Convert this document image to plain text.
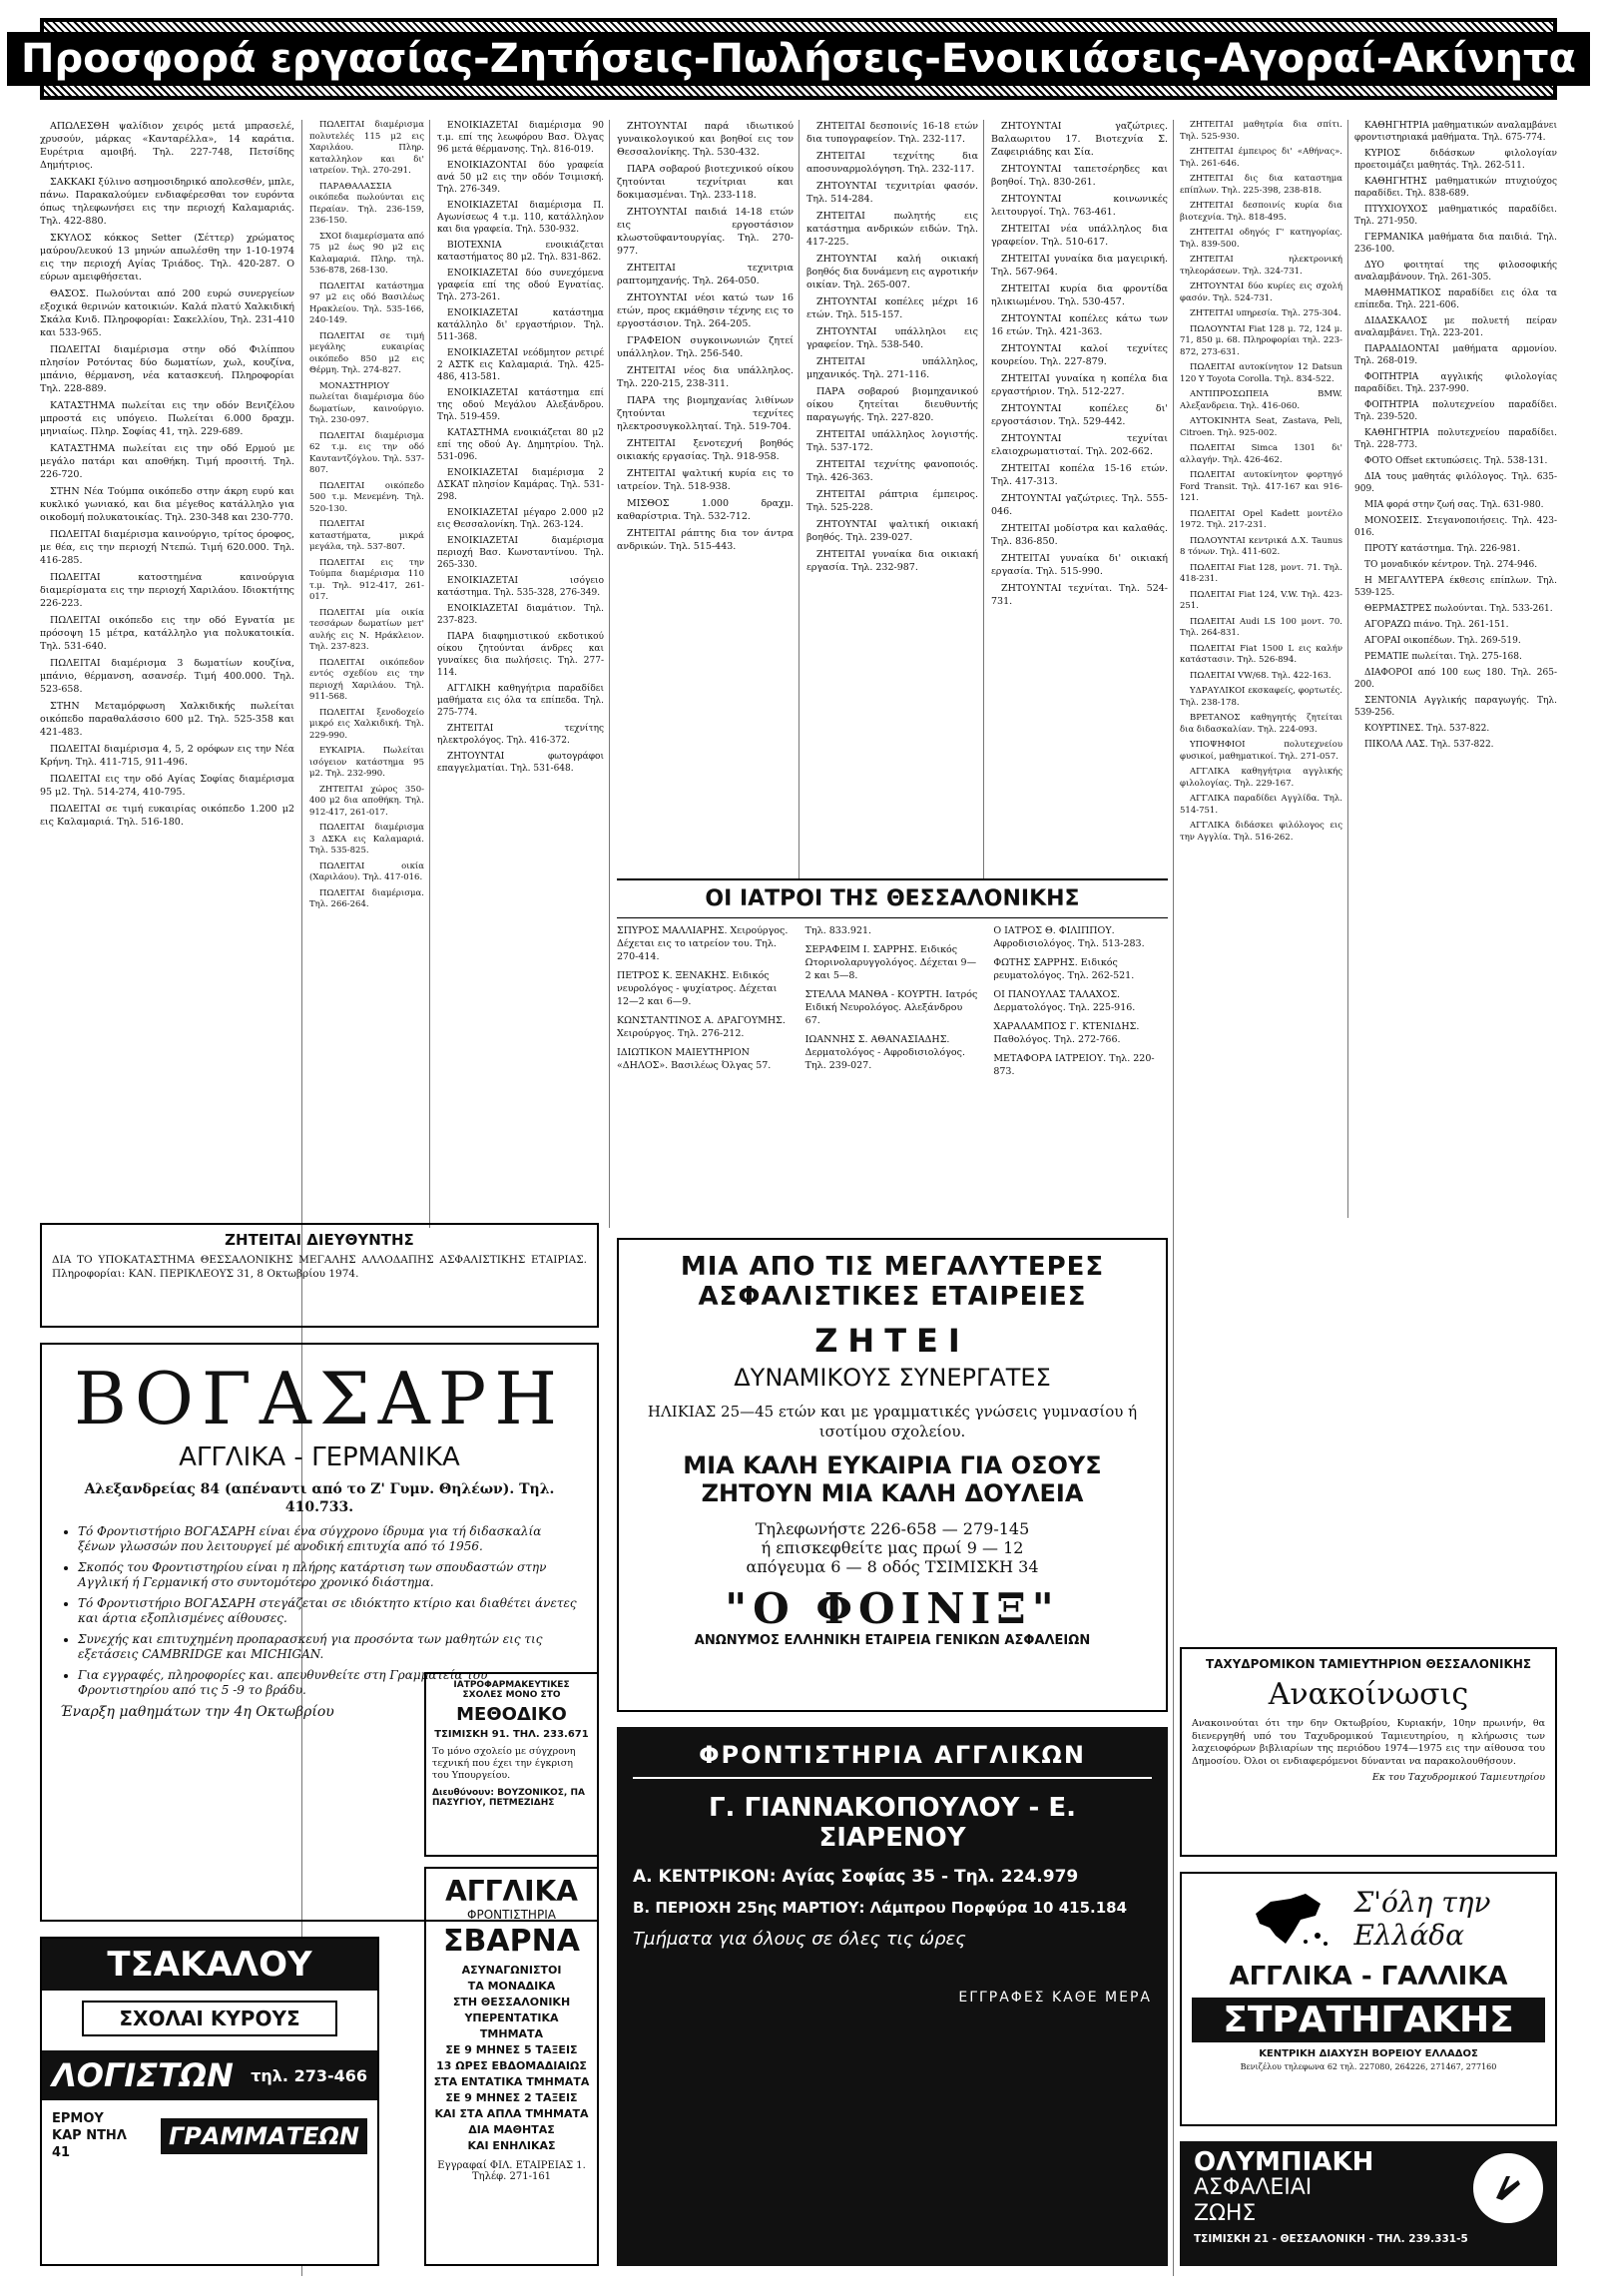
Προσφορά εργασίας-Ζητήσεις-Πωλήσεις-Ενοικιάσεις-Αγοραί-Ακίνητα

ΑΠΩΛΕΣΘΗ ψαλίδιον χειρός μετά μπρασελέ, χρυσούν, μάρκας «Κανταρέλλα», 14 καράτια. Ευρέτρια αμοιβή. Τηλ. 227-748, Πετσίδης Δημήτριος.

ΣΑΚΚΑΚΙ ξύλινο ασημοσιδηρικό απολεσθέν, μπλε, πάνω. Παρακαλούμεν ενδιαφέρεσθαι τον ευρόντα όπως τηλεφωνήσει εις την περιοχή Καλαμαριάς. Τηλ. 422-880.

ΣΚΥΛΟΣ κόκκος Setter (Σέττερ) χρώματος μαύρου/λευκού 13 μηνών απωλέσθη την 1-10-1974 εις την περιοχή Αγίας Τριάδος. Τηλ. 420-287. Ο εύρων αμειφθήσεται.

ΘΑΣΟΣ. Πωλούνται από 200 ευρώ συνεργείων εξοχικά θερινών κατοικιών. Καλά πλατύ Χαλκιδική Σκάλα Κνιδ. Πληροφορίαι: Σακελλίου, Τηλ. 231-410 και 533-965.

ΠΩΛΕΙΤΑΙ διαμέρισμα στην οδό Φιλίππου πλησίον Ροτόντας δύο δωματίων, χωλ, κουζίνα, μπάνιο, θέρμανση, νέα κατασκευή. Πληροφορίαι Τηλ. 228-889.

ΚΑΤΑΣΤΗΜΑ πωλείται εις την οδόν Βενιζέλου μπροστά εις υπόγειο. Πωλείται 6.000 δραχμ. μηνιαίως. Πληρ. Σοφίας 41, τηλ. 229-689.

ΚΑΤΑΣΤΗΜΑ πωλείται εις την οδό Ερμού με μεγάλο πατάρι και αποθήκη. Τιμή προσιτή. Τηλ. 226-720.

ΣΤΗΝ Νέα Τούμπα οικόπεδο στην άκρη ευρύ και κυκλικό γωνιακό, και δια μέγεθος κατάλληλο για οικοδομή πολυκατοικίας. Τηλ. 230-348 και 230-770.

ΠΩΛΕΙΤΑΙ διαμέρισμα καινούργιο, τρίτος όροφος, με θέα, εις την περιοχή Ντεπώ. Τιμή 620.000. Τηλ. 416-285.

ΠΩΛΕΙΤΑΙ κατοστημένα καινούργια διαμερίσματα εις την περιοχή Χαριλάου. Ιδιοκτήτης 226-223.

ΠΩΛΕΙΤΑΙ οικόπεδο εις την οδό Εγνατία με πρόσοψη 15 μέτρα, κατάλληλο για πολυκατοικία. Τηλ. 531-640.

ΠΩΛΕΙΤΑΙ διαμέρισμα 3 δωματίων κουζίνα, μπάνιο, θέρμανση, ασανσέρ. Τιμή 400.000. Τηλ. 523-658.

ΣΤΗΝ Μεταμόρφωση Χαλκιδικής πωλείται οικόπεδο παραθαλάσσιο 600 μ2. Τηλ. 525-358 και 421-483.

ΠΩΛΕΙΤΑΙ διαμέρισμα 4, 5, 2 ορόφων εις την Νέα Κρήνη. Τηλ. 411-715, 911-496.

ΠΩΛΕΙΤΑΙ εις την οδό Αγίας Σοφίας διαμέρισμα 95 μ2. Τηλ. 514-274, 410-795.

ΠΩΛΕΙΤΑΙ σε τιμή ευκαιρίας οικόπεδο 1.200 μ2 εις Καλαμαριά. Τηλ. 516-180.

ΠΩΛΕΙΤΑΙ διαμέρισμα πολυτελές 115 μ2 εις Χαριλάου. Πληρ. καταλληλον και δι' ιατρείον. Τηλ. 270-291.

ΠΑΡΑΘΑΛΑΣΣΙΑ οικόπεδα πωλούνται εις Περαίαν. Τηλ. 236-159, 236-150.

ΣΧΟΙ διαμερίσματα από 75 μ2 έως 90 μ2 εις Καλαμαριά. Πληρ. τηλ. 536-878, 268-130.

ΠΩΛΕΙΤΑΙ κατάστημα 97 μ2 εις οδό Βασιλέως Ηρακλείου. Τηλ. 535-166, 240-149.

ΠΩΛΕΙΤΑΙ σε τιμή μεγάλης ευκαιρίας οικόπεδο 850 μ2 εις Θέρμη. Τηλ. 274-827.

ΜΟΝΑΣΤΗΡΙΟΥ πωλείται διαμέρισμα δύο δωματίων, καινούργιο. Τηλ. 230-097.

ΠΩΛΕΙΤΑΙ διαμέρισμα 62 τ.μ. εις την οδό Καυταντζόγλου. Τηλ. 537-807.

ΠΩΛΕΙΤΑΙ οικόπεδο 500 τ.μ. Μενεμένη. Τηλ. 520-130.

ΠΩΛΕΙΤΑΙ καταστήματα, μικρά μεγάλα, τηλ. 537-807.

ΠΩΛΕΙΤΑΙ εις την Τούμπα διαμέρισμα 110 τ.μ. Τηλ. 912-417, 261-017.

ΠΩΛΕΙΤΑΙ μία οικία τεσσάρων δωματίων μετ' αυλής εις Ν. Ηράκλειον. Τηλ. 237-823.

ΠΩΛΕΙΤΑΙ οικόπεδον εντός σχεδίου εις την περιοχή Χαριλάου. Τηλ. 911-568.

ΠΩΛΕΙΤΑΙ ξενοδοχείο μικρό εις Χαλκιδική. Τηλ. 229-990.

ΕΥΚΑΙΡΙΑ. Πωλείται ισόγειον κατάστημα 95 μ2. Τηλ. 232-990.

ΖΗΤΕΙΤΑΙ χώρος 350-400 μ2 δια αποθήκη. Τηλ. 912-417, 261-017.

ΠΩΛΕΙΤΑΙ διαμέρισμα 3 ΔΣΚΑ εις Καλαμαριά. Τηλ. 535-825.

ΠΩΛΕΙΤΑΙ οικία (Χαριλάου). Τηλ. 417-016.

ΠΩΛΕΙΤΑΙ διαμέρισμα. Τηλ. 266-264.

ΕΝΟΙΚΙΑΖΕΤΑΙ διαμέρισμα 90 τ.μ. επί της λεωφόρου Βασ. Όλγας 96 μετά θέρμανσης. Τηλ. 816-019.

ΕΝΟΙΚΙΑΖΟΝΤΑΙ δύο γραφεία ανά 50 μ2 εις την οδόν Τσιμισκή. Τηλ. 276-349.

ΕΝΟΙΚΙΑΖΕΤΑΙ διαμέρισμα Π. Αγωνίσεως 4 τ.μ. 110, κατάλληλον και δια γραφεία. Τηλ. 530-932.

ΒΙΟΤΕΧΝΙΑ ενοικιάζεται καταστήματος 80 μ2. Τηλ. 831-862.

ΕΝΟΙΚΙΑΖΕΤΑΙ δύο συνεχόμενα γραφεία επί της οδού Εγνατίας. Τηλ. 273-261.

ΕΝΟΙΚΙΑΖΕΤΑΙ κατάστημα κατάλληλο δι' εργαστήριον. Τηλ. 511-368.

ΕΝΟΙΚΙΑΖΕΤΑΙ νεόδμητον ρετιρέ 2 ΑΣΤΚ εις Καλαμαριά. Τηλ. 425-486, 413-581.

ΕΝΟΙΚΙΑΖΕΤΑΙ κατάστημα επί της οδού Μεγάλου Αλεξάνδρου. Τηλ. 519-459.

ΚΑΤΑΣΤΗΜΑ ενοικιάζεται 80 μ2 επί της οδού Αγ. Δημητρίου. Τηλ. 531-096.

ΕΝΟΙΚΙΑΖΕΤΑΙ διαμέρισμα 2 ΔΣΚΑΤ πλησίον Καμάρας. Τηλ. 531-298.

ΕΝΟΙΚΙΑΖΕΤΑΙ μέγαρο 2.000 μ2 εις Θεσσαλονίκη. Τηλ. 263-124.

ΕΝΟΙΚΙΑΖΕΤΑΙ διαμέρισμα περιοχή Βασ. Κωνσταντίνου. Τηλ. 265-330.

ΕΝΟΙΚΙΑΖΕΤΑΙ ισόγειο κατάστημα. Τηλ. 535-328, 276-349.

ΕΝΟΙΚΙΑΖΕΤΑΙ διαμάτιον. Τηλ. 237-823.

ΠΑΡΑ διαφημιστικού εκδοτικού οίκου ζητούνται άνδρες και γυναίκες δια πωλήσεις. Τηλ. 277-114.

ΑΓΓΛΙΚΗ καθηγήτρια παραδίδει μαθήματα εις όλα τα επίπεδα. Τηλ. 275-774.

ΖΗΤΕΙΤΑΙ τεχνίτης ηλεκτρολόγος. Τηλ. 416-372.

ΖΗΤΟΥΝΤΑΙ φωτογράφοι επαγγελματίαι. Τηλ. 531-648.

ΖΗΤΟΥΝΤΑΙ παρά ιδιωτικού γυναικολογικού και βοηθοί εις τον Θεσσαλονίκης. Τηλ. 530-432.

ΠΑΡΑ σοβαρού βιοτεχνικού οίκου ζητούνται τεχνίτριαι και δοκιμασμέναι. Τηλ. 233-118.

ΖΗΤΟΥΝΤΑΙ παιδιά 14-18 ετών εις εργοστάσιον κλωστοϋφαντουργίας. Τηλ. 270-977.

ΖΗΤΕΙΤΑΙ τεχνιτρια ραπτομηχανής. Τηλ. 264-050.

ΖΗΤΟΥΝΤΑΙ νέοι κατώ των 16 ετών, προς εκμάθησιν τέχνης εις το εργοστάσιον. Τηλ. 264-205.

ΓΡΑΦΕΙΟΝ συγκοινωνιών ζητεί υπάλληλον. Τηλ. 256-540.

ΖΗΤΕΙΤΑΙ νέος δια υπάλληλος. Τηλ. 220-215, 238-311.

ΠΑΡΑ της βιομηχανίας λιθίνων ζητούνται τεχνίτες ηλεκτροσυγκολληταί. Τηλ. 519-704.

ΖΗΤΕΙΤΑΙ ξενοτεχνή βοηθός οικιακής εργασίας. Τηλ. 918-958.

ΖΗΤΕΙΤΑΙ ψαλτική κυρία εις το ιατρείον. Τηλ. 518-938.

ΜΙΣΘΟΣ 1.000 δραχμ. καθαρίστρια. Τηλ. 532-712.

ΖΗΤΕΙΤΑΙ ράπτης δια τον άντρα ανδρικών. Τηλ. 515-443.

ΖΗΤΕΙΤΑΙ δεσποινίς 16-18 ετών δια τυπογραφείον. Τηλ. 232-117.

ΖΗΤΕΙΤΑΙ τεχνίτης δια αποσυναρμολόγηση. Τηλ. 232-117.

ΖΗΤΟΥΝΤΑΙ τεχνιτρίαι φασόν. Τηλ. 514-284.

ΖΗΤΕΙΤΑΙ πωλητής εις κατάστημα ανδρικών ειδών. Τηλ. 417-225.

ΖΗΤΟΥΝΤΑΙ καλή οικιακή βοηθός δια δυνάμενη εις αγροτικήν οικίαν. Τηλ. 265-007.

ΖΗΤΟΥΝΤΑΙ κοπέλες μέχρι 16 ετών. Τηλ. 515-157.

ΖΗΤΟΥΝΤΑΙ υπάλληλοι εις γραφείον. Τηλ. 538-540.

ΖΗΤΕΙΤΑΙ υπάλληλος, μηχανικός. Τηλ. 271-116.

ΠΑΡΑ σοβαρού βιομηχανικού οίκου ζητείται διευθυντής παραγωγής. Τηλ. 227-820.

ΖΗΤΕΙΤΑΙ υπάλληλος λογιστής. Τηλ. 537-172.

ΖΗΤΕΙΤΑΙ τεχνίτης φανοποιός. Τηλ. 426-363.

ΖΗΤΕΙΤΑΙ ράπτρια έμπειρος. Τηλ. 525-228.

ΖΗΤΟΥΝΤΑΙ ψαλτική οικιακή βοηθός. Τηλ. 239-027.

ΖΗΤΕΙΤΑΙ γυναίκα δια οικιακή εργασία. Τηλ. 232-987.

ΖΗΤΟΥΝΤΑΙ γαζώτριες. Βαλαωριτου 17. Βιοτεχνία Σ. Ζαφειριάδης και Σία.

ΖΗΤΟΥΝΤΑΙ ταπετσέρηδες και βοηθοί. Τηλ. 830-261.

ΖΗΤΟΥΝΤΑΙ κοινωνικές λειτουργοί. Τηλ. 763-461.

ΖΗΤΕΙΤΑΙ νέα υπάλληλος δια γραφείον. Τηλ. 510-617.

ΖΗΤΕΙΤΑΙ γυναίκα δια μαγειρική. Τηλ. 567-964.

ΖΗΤΕΙΤΑΙ κυρία δια φροντίδα ηλικιωμένου. Τηλ. 530-457.

ΖΗΤΟΥΝΤΑΙ κοπέλες κάτω των 16 ετών. Τηλ. 421-363.

ΖΗΤΟΥΝΤΑΙ καλοί τεχνίτες κουρείου. Τηλ. 227-879.

ΖΗΤΕΙΤΑΙ γυναίκα η κοπέλα δια εργαστήριον. Τηλ. 512-227.

ΖΗΤΟΥΝΤΑΙ κοπέλες δι' εργοστάσιον. Τηλ. 529-442.

ΖΗΤΟΥΝΤΑΙ τεχνίται ελαιοχρωματισταί. Τηλ. 202-662.

ΖΗΤΕΙΤΑΙ κοπέλα 15-16 ετών. Τηλ. 417-313.

ΖΗΤΟΥΝΤΑΙ γαζώτριες. Τηλ. 555-046.

ΖΗΤΕΙΤΑΙ μοδίστρα και καλαθάς. Τηλ. 836-850.

ΖΗΤΕΙΤΑΙ γυναίκα δι' οικιακή εργασία. Τηλ. 515-990.

ΖΗΤΟΥΝΤΑΙ τεχνίται. Τηλ. 524-731.

ΖΗΤΕΙΤΑΙ μαθητρία δια σπίτι. Τηλ. 525-930.

ΖΗΤΕΙΤΑΙ έμπειρος δι' «Αθήνας». Τηλ. 261-646.

ΖΗΤΕΙΤΑΙ δις δια καταστημα επίπλων. Τηλ. 225-398, 238-818.

ΖΗΤΕΙΤΑΙ δεσποινίς κυρία δια βιοτεχνία. Τηλ. 818-495.

ΖΗΤΕΙΤΑΙ οδηγός Γ' κατηγορίας. Τηλ. 839-500.

ΖΗΤΕΙΤΑΙ ηλεκτρονική τηλεοράσεων. Τηλ. 324-731.

ΖΗΤΟΥΝΤΑΙ δύο κυρίες εις σχολή φασόν. Τηλ. 524-731.

ΖΗΤΕΙΤΑΙ υπηρεσία. Τηλ. 275-304.

ΠΩΛΟΥΝΤΑΙ Fiat 128 μ. 72, 124 μ. 71, 850 μ. 68. Πληροφορίαι τηλ. 223-872, 273-631.

ΠΩΛΕΙΤΑΙ αυτοκίνητον 12 Datsun 120 Y Toyota Corolla. Τηλ. 834-522.

ΑΝΤΙΠΡΟΣΩΠΕΙΑ BMW. Αλεξανδρεια. Τηλ. 416-060.

ΑΥΤΟΚΙΝΗΤΑ Seat, Zastava, Peli, Citroen. Τηλ. 925-002.

ΠΩΛΕΙΤΑΙ Simca 1301 δι' αλλαγήν. Τηλ. 426-462.

ΠΩΛΕΙΤΑΙ αυτοκίνητον φορτηγό Ford Transit. Τηλ. 417-167 και 916-121.

ΠΩΛΕΙΤΑΙ Opel Kadett μοντέλο 1972. Τηλ. 217-231.

ΠΩΛΟΥΝΤΑΙ κεντρικά Δ.Χ. Taunus 8 τόνων. Τηλ. 411-602.

ΠΩΛΕΙΤΑΙ Fiat 128, μοντ. 71. Τηλ. 418-231.

ΠΩΛΕΙΤΑΙ Fiat 124, V.W. Τηλ. 423-251.

ΠΩΛΕΙΤΑΙ Audi LS 100 μοντ. 70. Τηλ. 264-831.

ΠΩΛΕΙΤΑΙ Fiat 1500 L εις καλήν κατάστασιν. Τηλ. 526-894.

ΠΩΛΕΙΤΑΙ VW/68. Τηλ. 422-163.

ΥΔΡΑΥΛΙΚΟΙ εκσκαφείς, φορτωτές. Τηλ. 238-178.

ΒΡΕΤΑΝΟΣ καθηγητής ζητείται δια διδασκαλίαν. Τηλ. 224-093.

ΥΠΟΨΗΦΙΟΙ πολυτεχνείου φυσικοί, μαθηματικοί. Τηλ. 271-057.

ΑΓΓΛΙΚΑ καθηγήτρια αγγλικής φιλολογίας. Τηλ. 229-167.

ΑΓΓΛΙΚΑ παραδίδει Αγγλίδα. Τηλ. 514-751.

ΑΓΓΛΙΚΑ διδάσκει φιλόλογος εις την Αγγλία. Τηλ. 516-262.

ΚΑΘΗΓΗΤΡΙΑ μαθηματικών αναλαμβάνει φροντιστηριακά μαθήματα. Τηλ. 675-774.

ΚΥΡΙΟΣ διδάσκων φιλολογίαν προετοιμάζει μαθητάς. Τηλ. 262-511.

ΚΑΘΗΓΗΤΗΣ μαθηματικών πτυχιούχος παραδίδει. Τηλ. 838-689.

ΠΤΥΧΙΟΥΧΟΣ μαθηματικός παραδίδει. Τηλ. 271-950.

ΓΕΡΜΑΝΙΚΑ μαθήματα δια παιδιά. Τηλ. 236-100.

ΔΥΟ φοιτηταί της φιλοσοφικής αναλαμβάνουν. Τηλ. 261-305.

ΜΑΘΗΜΑΤΙΚΟΣ παραδίδει εις όλα τα επίπεδα. Τηλ. 221-606.

ΔΙΔΑΣΚΑΛΟΣ με πολυετή πείραν αναλαμβάνει. Τηλ. 223-201.

ΠΑΡΑΔΙΔΟΝΤΑΙ μαθήματα αρμονίου. Τηλ. 268-019.

ΦΟΙΤΗΤΡΙΑ αγγλικής φιλολογίας παραδίδει. Τηλ. 237-990.

ΦΟΙΤΗΤΡΙΑ πολυτεχνείου παραδίδει. Τηλ. 239-520.

ΚΑΘΗΓΗΤΡΙΑ πολυτεχνείου παραδίδει. Τηλ. 228-773.

ΦΟΤΟ Offset εκτυπώσεις. Τηλ. 538-131.

ΔΙΑ τους μαθητάς φιλόλογος. Τηλ. 635-909.

ΜΙΑ φορά στην ζωή σας. Τηλ. 631-980.

ΜΟΝΟΣΕΙΣ. Στεγανοποιήσεις. Τηλ. 423-016.

ΠΡΟΤΥ κατάστημα. Τηλ. 226-981.

ΤΟ μοναδικόν κέντρον. Τηλ. 274-946.

Η ΜΕΓΑΛΥΤΕΡΑ έκθεσις επίπλων. Τηλ. 539-125.

ΘΕΡΜΑΣΤΡΕΣ πωλούνται. Τηλ. 533-261.

ΑΓΟΡΑΖΩ πιάνο. Τηλ. 261-151.

ΑΓΟΡΑΙ οικοπέδων. Τηλ. 269-519.

ΡΕΜΑΤΙΕ πωλείται. Τηλ. 275-168.

ΔΙΑΦΟΡΟΙ από 100 εως 180. Τηλ. 265-200.

ΣΕΝΤΟΝΙΑ Αγγλικής παραγωγής. Τηλ. 539-256.

ΚΟΥΡΤΙΝΕΣ. Τηλ. 537-822.

ΠΙΚΟΛΑ ΛΑΣ. Τηλ. 537-822.

ΟΙ ΙΑΤΡΟΙ ΤΗΣ ΘΕΣΣΑΛΟΝΙΚΗΣ
ΣΠΥΡΟΣ ΜΑΛΛΙΑΡΗΣ. Χειρούργος. Δέχεται εις το ιατρείον του. Τηλ. 270-414.
ΠΕΤΡΟΣ Κ. ΞΕΝΑΚΗΣ. Ειδικός νευρολόγος - ψυχίατρος. Δέχεται 12—2 και 6—9.
ΚΩΝΣΤΑΝΤΙΝΟΣ Α. ΔΡΑΓΟΥΜΗΣ. Χειρούργος. Τηλ. 276-212.
ΙΔΙΩΤΙΚΟΝ ΜΑΙΕΥΤΗΡΙΟΝ «ΔΗΛΟΣ». Βασιλέως Όλγας 57. Τηλ. 833.921.
ΣΕΡΑΦΕΙΜ Ι. ΣΑΡΡΗΣ. Ειδικός Ωτορινολαρυγγολόγος. Δέχεται 9—2 και 5—8.
ΣΤΕΛΛΑ ΜΑΝΘΑ - ΚΟΥΡΤΗ. Ιατρός Ειδική Νευρολόγος. Αλεξάνδρου 67.
ΙΩΑΝΝΗΣ Σ. ΑΘΑΝΑΣΙΑΔΗΣ. Δερματολόγος - Αφροδισιολόγος. Τηλ. 239-027.
Ο ΙΑΤΡΟΣ Θ. ΦΙΛΙΠΠΟΥ. Αφροδισιολόγος. Τηλ. 513-283.
ΦΩΤΗΣ ΣΑΡΡΗΣ. Ειδικός ρευματολόγος. Τηλ. 262-521.
ΟΙ ΠΑΝΟΥΛΑΣ ΤΑΛΑΧΟΣ. Δερματολόγος. Τηλ. 225-916.
ΧΑΡΑΛΑΜΠΟΣ Γ. ΚΤΕΝΙΔΗΣ. Παθολόγος. Τηλ. 272-766.
ΜΕΤΑΦΟΡΑ ΙΑΤΡΕΙΟΥ. Τηλ. 220-873.
ΖΗΤΕΙΤΑΙ ΔΙΕΥΘΥΝΤΗΣ
ΔΙΑ ΤΟ ΥΠΟΚΑΤΑΣΤΗΜΑ ΘΕΣΣΑΛΟΝΙΚΗΣ ΜΕΓΑΛΗΣ ΑΛΛΟΔΑΠΗΣ ΑΣΦΑΛΙΣΤΙΚΗΣ ΕΤΑΙΡΙΑΣ. Πληροφορίαι: ΚΑΝ. ΠΕΡΙΚΛΕΟΥΣ 31, 8 Οκτωβρίου 1974.
ΒΟΓΑΣΑΡΗ
ΑΓΓΛΙΚΑ - ΓΕΡΜΑΝΙΚΑ
Αλεξανδρείας 84 (απέναντι από το Ζ' Γυμν. Θηλέων). Τηλ. 410.733.
• Τό Φροντιστήριο ΒΟΓΑΣΑΡΗ είναι ένα σύγχρονο ίδρυμα για τή διδασκαλία ξένων γλωσσών που λειτουργεί μέ ανοδική επιτυχία από τό 1956.
• Σκοπός του Φροντιστηρίου είναι η πλήρης κατάρτιση των σπουδαστών στην Αγγλική ή Γερμανική στο συντομότερο χρονικό διάστημα.
• Τό Φροντιστήριο ΒΟΓΑΣΑΡΗ στεγάζεται σε ιδιόκτητο κτίριο και διαθέτει άνετες και άρτια εξοπλισμένες αίθουσες.
• Συνεχής και επιτυχημένη προπαρασκευή για προσόντα των μαθητών εις τις εξετάσεις CAMBRIDGE και MICHIGAN.
• Για εγγραφές, πληροφορίες και. απευθυνθείτε στη Γραμματεία του Φροντιστηρίου από τις 5 -9 το βράδυ.
Έναρξη μαθημάτων την 4η Οκτωβρίου
ΤΣΑΚΑΛΟΥ
ΣΧΟΛΑΙ ΚΥΡΟΥΣ
ΛΟΓΙΣΤΩΝ τηλ. 273-466
ΕΡΜΟΥ
ΚΑΡ ΝΤΗΛ 41
ΓΡΑΜΜΑΤΕΩΝ
ΙΑΤΡΟΦΑΡΜΑΚΕΥΤΙΚΕΣ ΣΧΟΛΕΣ ΜΟΝΟ ΣΤΟ
ΜΕΘΟΔΙΚΟ
ΤΣΙΜΙΣΚΗ 91. ΤΗΛ. 233.671
Το μόνο σχολείο με σύγχρονη τεχνική που έχει την έγκριση του Υπουργείου.
Διευθύνουν: ΒΟΥΖΟΝΙΚΟΣ, ΠΑ ΠΑΣΥΓΙΟΥ, ΠΕΤΜΕΖΙΔΗΣ
ΑΓΓΛΙΚΑ
ΦΡΟΝΤΙΣΤΗΡΙΑ
ΣΒΑΡΝΑ
ΑΣΥΝΑΓΩΝΙΣΤΟΙ
ΤΑ ΜΟΝΑΔΙΚΑ
ΣΤΗ ΘΕΣΣΑΛΟΝΙΚΗ
ΥΠΕΡΕΝΤΑΤΙΚΑ ΤΜΗΜΑΤΑ
ΣΕ 9 ΜΗΝΕΣ 5 ΤΑΞΕΙΣ
13 ΩΡΕΣ ΕΒΔΟΜΑΔΙΑΙΩΣ
ΣΤΑ ΕΝΤΑΤΙΚΑ ΤΜΗΜΑΤΑ
ΣΕ 9 ΜΗΝΕΣ 2 ΤΑΞΕΙΣ
ΚΑΙ ΣΤΑ ΑΠΛΑ ΤΜΗΜΑΤΑ
ΔΙΑ ΜΑΘΗΤΑΣ
ΚΑΙ ΕΝΗΛΙΚΑΣ
Εγγραφαί ΦΙΛ. ΕΤΑΙΡΕΙΑΣ 1. Τηλέφ. 271-161
ΜΙΑ ΑΠΟ ΤΙΣ ΜΕΓΑΛΥΤΕΡΕΣ
ΑΣΦΑΛΙΣΤΙΚΕΣ ΕΤΑΙΡΕΙΕΣ
ΖΗΤΕΙ
ΔΥΝΑΜΙΚΟΥΣ ΣΥΝΕΡΓΑΤΕΣ
ΗΛΙΚΙΑΣ 25—45 ετών και με γραμματικές γνώσεις γυμνασίου ή ισοτίμου σχολείου.
ΜΙΑ ΚΑΛΗ ΕΥΚΑΙΡΙΑ ΓΙΑ ΟΣΟΥΣ
ΖΗΤΟΥΝ ΜΙΑ ΚΑΛΗ ΔΟΥΛΕΙΑ
Τηλεφωνήστε 226-658 — 279-145
ή επισκεφθείτε μας πρωί 9 — 12
απόγευμα 6 — 8 οδός ΤΣΙΜΙΣΚΗ 34
"Ο ΦΟΙΝΙΞ"
ΑΝΩΝΥΜΟΣ ΕΛΛΗΝΙΚΗ ΕΤΑΙΡΕΙΑ ΓΕΝΙΚΩΝ ΑΣΦΑΛΕΙΩΝ
ΦΡΟΝΤΙΣΤΗΡΙΑ ΑΓΓΛΙΚΩΝ
Γ. ΓΙΑΝΝΑΚΟΠΟΥΛΟΥ - Ε. ΣΙΑΡΕΝΟΥ
Α. ΚΕΝΤΡΙΚΟΝ: Αγίας Σοφίας 35 - Τηλ. 224.979
Β. ΠΕΡΙΟΧΗ 25ης ΜΑΡΤΙΟΥ: Λάμπρου Πορφύρα 10 415.184
Τμήματα για όλους σε όλες τις ώρες
ΕΓΓΡΑΦΕΣ ΚΑΘΕ ΜΕΡΑ
ΤΑΧΥΔΡΟΜΙΚΟΝ ΤΑΜΙΕΥΤΗΡΙΟΝ ΘΕΣΣΑΛΟΝΙΚΗΣ
Ανακοίνωσις
Ανακοινούται ότι την 6ην Οκτωβρίου, Κυριακήν, 10ην πρωινήν, θα διενεργηθή υπό του Ταχυδρομικού Ταμιευτηρίου, η κλήρωσις των λαχειοφόρων βιβλιαρίων της περιόδου 1974—1975 εις την αίθουσα του Δημοσίου. Όλοι οι ενδιαφερόμενοι δύνανται να παρακολουθήσουν.
Εκ του Ταχυδρομικού Ταμιευτηρίου
Σ'όλη την
Ελλάδα
ΑΓΓΛΙΚΑ - ΓΑΛΛΙΚΑ
ΣΤΡΑΤΗΓΑΚΗΣ
ΚΕΝΤΡΙΚΗ ΔΙΑΧΥΣΗ ΒΟΡΕΙΟΥ ΕΛΛΑΔΟΣ
Βενιζέλου τηλεφωνα 62 τηλ. 227080, 264226, 271467, 277160
ΟΛΥΜΠΙΑΚΗ
ΑΣΦΑΛΕΙΑΙ
ΖΩΗΣ
ΤΣΙΜΙΣΚΗ 21 - ΘΕΣΣΑΛΟΝΙΚΗ - ΤΗΛ. 239.331-5
